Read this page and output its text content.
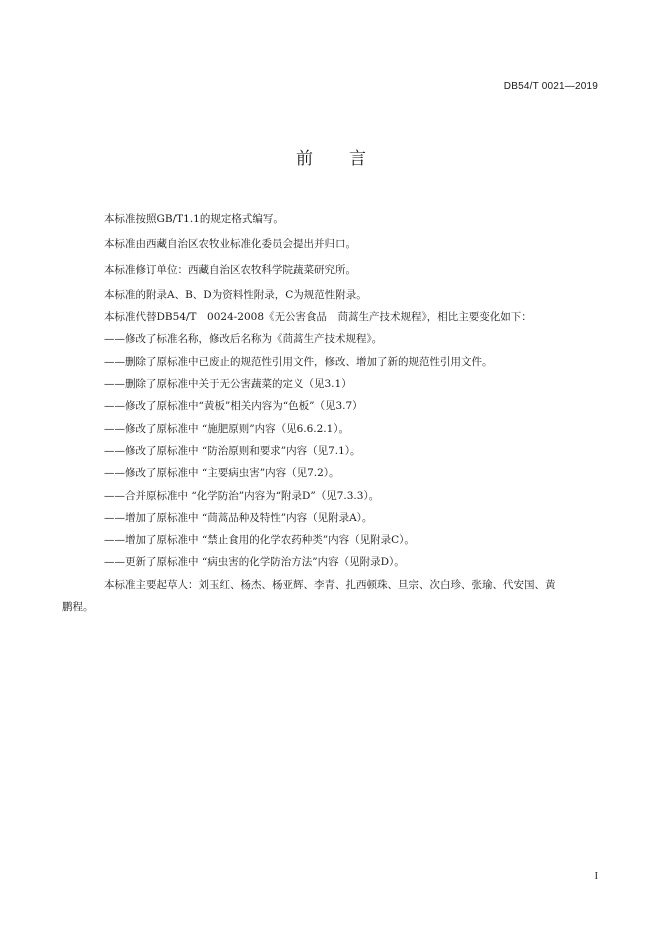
DB54/T 0021—2019
前言

本标准按照GB/T1.1的规定格式编写。

本标准由西藏自治区农牧业标准化委员会提出并归口。

本标准修订单位：西藏自治区农牧科学院蔬菜研究所。

本标准的附录A、B、D为资料性附录，C为规范性附录。

本标准代替DB54/T　0024-2008《无公害食品　茼蒿生产技术规程》，相比主要变化如下：

——修改了标准名称，修改后名称为《茼蒿生产技术规程》。

——删除了原标准中已废止的规范性引用文件，修改、增加了新的规范性引用文件。

——删除了原标准中关于无公害蔬菜的定义（见3.1）

——修改了原标准中“黄板”相关内容为“色板”（见3.7）

——修改了原标准中 “施肥原则”内容（见6.6.2.1）。

——修改了原标准中 “防治原则和要求”内容（见7.1）。

——修改了原标准中 “主要病虫害”内容（见7.2）。

——合并原标准中 “化学防治”内容为“附录D”（见7.3.3）。

——增加了原标准中 “茼蒿品种及特性”内容（见附录A）。

——增加了原标准中 “禁止食用的化学农药种类”内容（见附录C）。

——更新了原标准中 “病虫害的化学防治方法”内容（见附录D）。

本标准主要起草人：刘玉红、杨杰、杨亚辉、李青、扎西顿珠、旦宗、次白珍、张瑜、代安国、黄

鹏程。

I
